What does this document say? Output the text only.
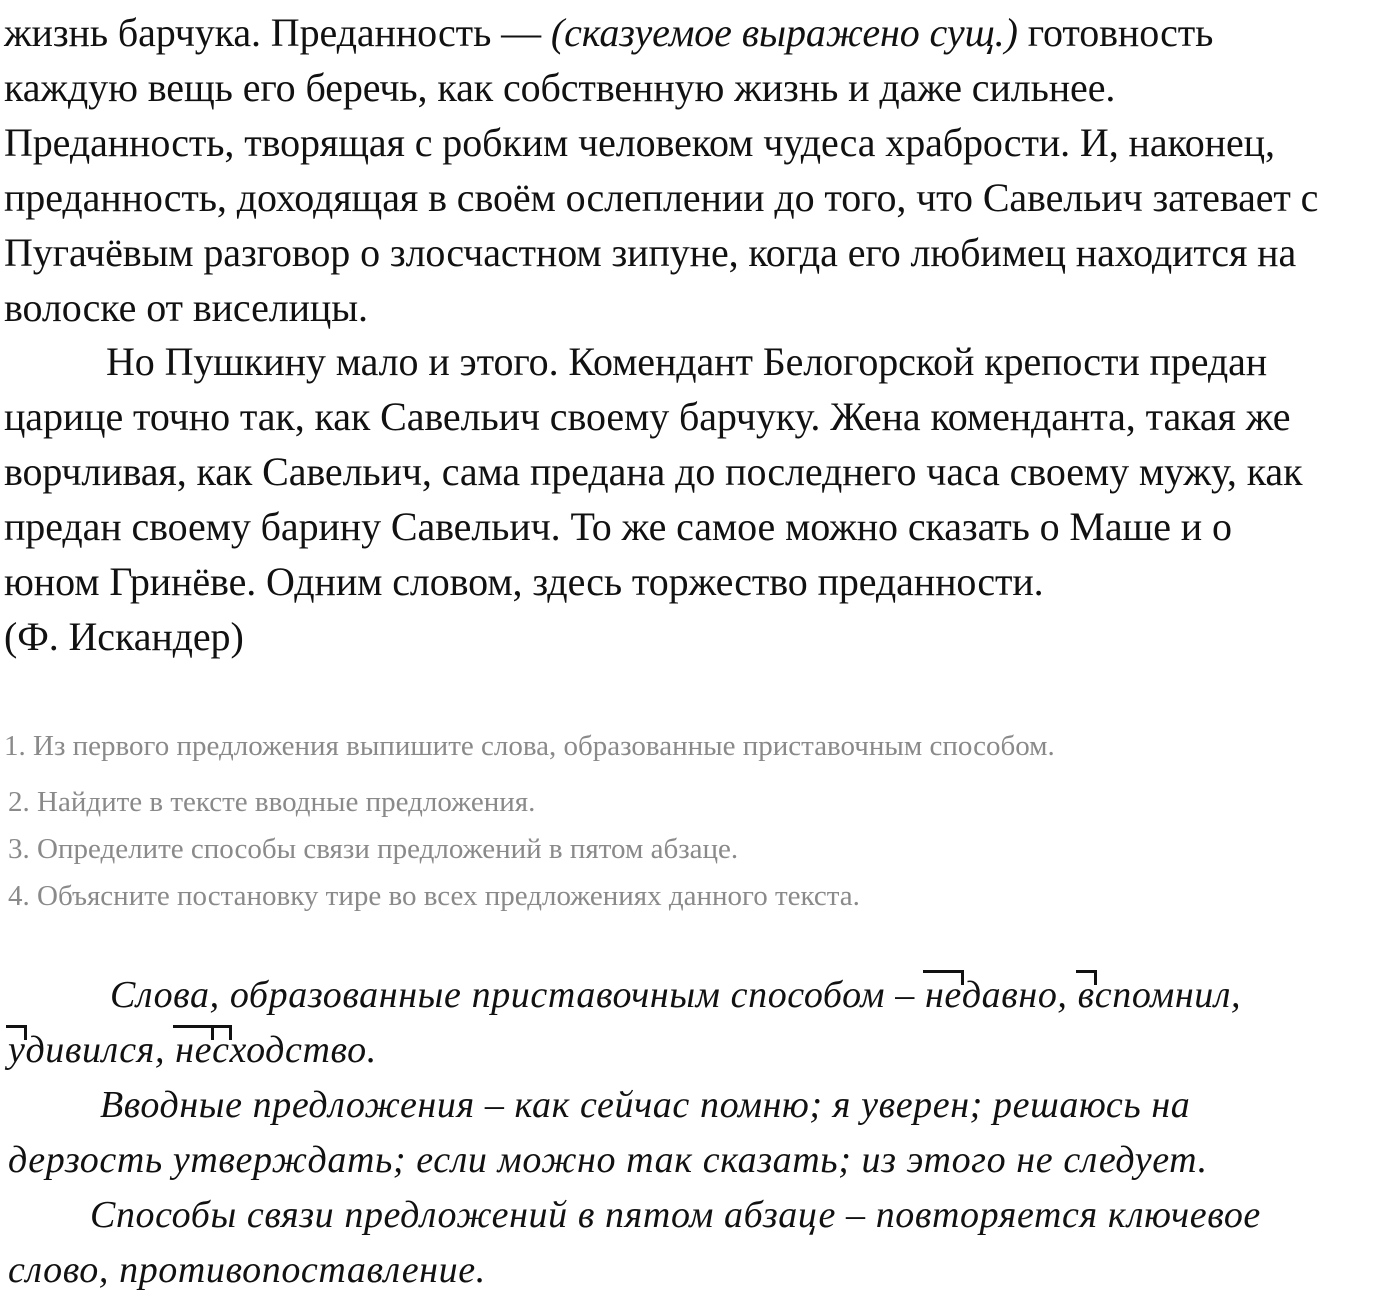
жизнь барчука. Преданность — (сказуемое выражено сущ.) готовность
каждую вещь его беречь, как собственную жизнь и даже сильнее.
Преданность, творящая с робким человеком чудеса храбрости. И, наконец,
преданность, доходящая в своём ослеплении до того, что Савельич затевает с
Пугачёвым разговор о злосчастном зипуне, когда его любимец находится на
волоске от виселицы.
Но Пушкину мало и этого. Комендант Белогорской крепости предан
царице точно так, как Савельич своему барчуку. Жена коменданта, такая же
ворчливая, как Савельич, сама предана до последнего часа своему мужу, как
предан своему барину Савельич. То же самое можно сказать о Маше и о
юном Гринёве. Одним словом, здесь торжество преданности.
(Ф. Искандер)
1. Из первого предложения выпишите слова, образованные приставочным способом.
2. Найдите в тексте вводные предложения.
3. Определите способы связи предложений в пятом абзаце.
4. Объясните постановку тире во всех предложениях данного текста.
Слова, образованные приставочным способом – недавно, вспомнил,
удивился, несходство.
Вводные предложения – как сейчас помню; я уверен; решаюсь на
дерзость утверждать; если можно так сказать; из этого не следует.
Способы связи предложений в пятом абзаце – повторяется ключевое
слово, противопоставление.
